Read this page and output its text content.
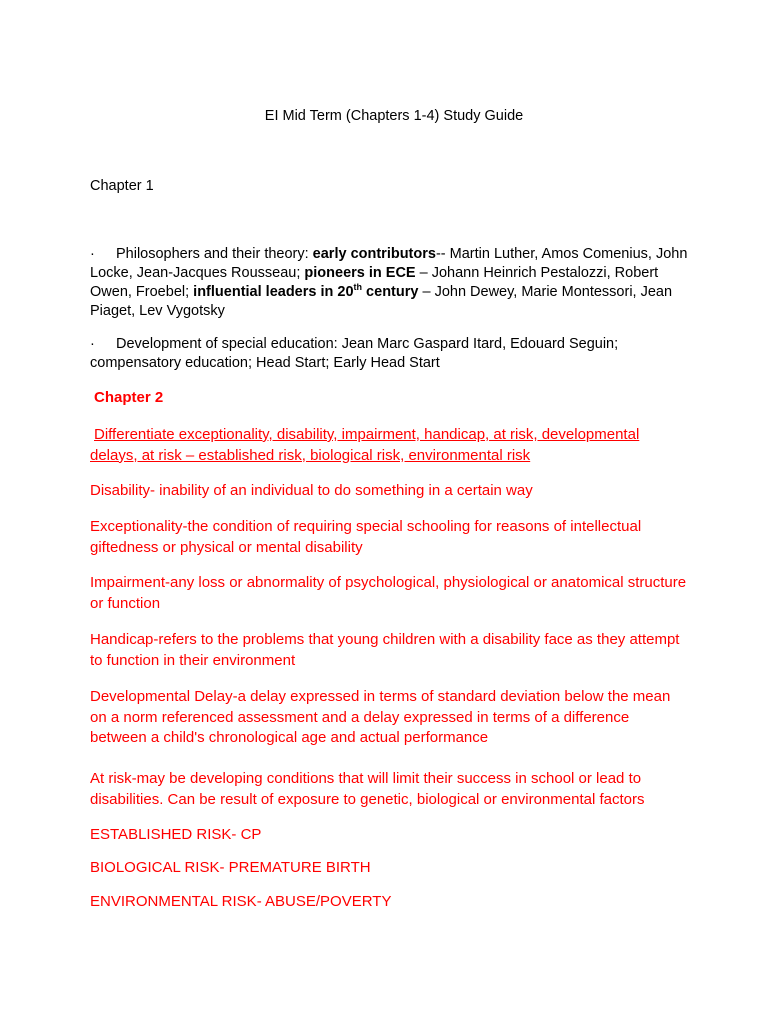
EI Mid Term (Chapters 1-4) Study Guide
Chapter 1
· Philosophers and their theory: early contributors-- Martin Luther, Amos Comenius, John Locke, Jean-Jacques Rousseau; pioneers in ECE – Johann Heinrich Pestalozzi, Robert Owen, Froebel; influential leaders in 20th century – John Dewey, Marie Montessori, Jean Piaget, Lev Vygotsky
· Development of special education: Jean Marc Gaspard Itard, Edouard Seguin; compensatory education; Head Start; Early Head Start
Chapter 2
Differentiate exceptionality, disability, impairment, handicap, at risk, developmental delays, at risk – established risk, biological risk, environmental risk
Disability- inability of an individual to do something in a certain way
Exceptionality-the condition of requiring special schooling for reasons of intellectual giftedness or physical or mental disability
Impairment-any loss or abnormality of psychological, physiological or anatomical structure or function
Handicap-refers to the problems that young children with a disability face as they attempt to function in their environment
Developmental Delay-a delay expressed in terms of standard deviation below the mean on a norm referenced assessment and a delay expressed in terms of a difference between a child's chronological age and actual performance
At risk-may be developing conditions that will limit their success in school or lead to disabilities. Can be result of exposure to genetic, biological or environmental factors
ESTABLISHED RISK- CP
BIOLOGICAL RISK- PREMATURE BIRTH
ENVIRONMENTAL RISK- ABUSE/POVERTY
